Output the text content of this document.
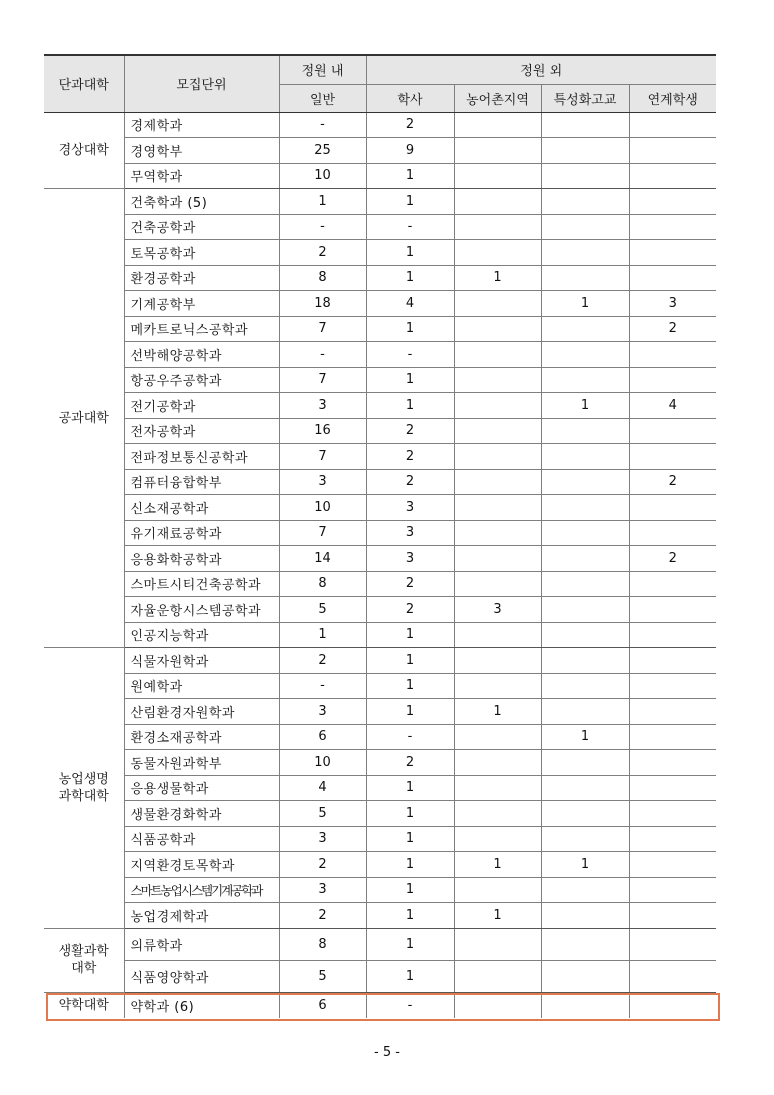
단과대학	모집단위	정원 내	정원 외			
		일반	학사	농어촌지역	특성화고교	연계학생
경상대학	경제학과	-	2			
	경영학부	25	9			
	무역학과	10	1			
공과대학	건축학과 (5)	1	1			
	건축공학과	-	-			
	토목공학과	2	1			
	환경공학과	8	1	1		
	기계공학부	18	4		1	3
	메카트로닉스공학과	7	1			2
	선박해양공학과	-	-			
	항공우주공학과	7	1			
	전기공학과	3	1		1	4
	전자공학과	16	2			
	전파정보통신공학과	7	2			
	컴퓨터융합학부	3	2			2
	신소재공학과	10	3			
	유기재료공학과	7	3			
	응용화학공학과	14	3			2
	스마트시티건축공학과	8	2			
	자율운항시스템공학과	5	2	3		
	인공지능학과	1	1			
농업생명과학대학	식물자원학과	2	1			
	원예학과	-	1			
	산림환경자원학과	3	1	1		
	환경소재공학과	6	-		1	
	동물자원과학부	10	2			
	응용생물학과	4	1			
	생물환경화학과	5	1			
	식품공학과	3	1			
	지역환경토목학과	2	1	1	1	
	스마트농업시스템기계공학과	3	1			
	농업경제학과	2	1	1		
생활과학대학	의류학과	8	1			
	식품영양학과	5	1			
약학대학	약학과 (6)	6	-			
- 5 -
